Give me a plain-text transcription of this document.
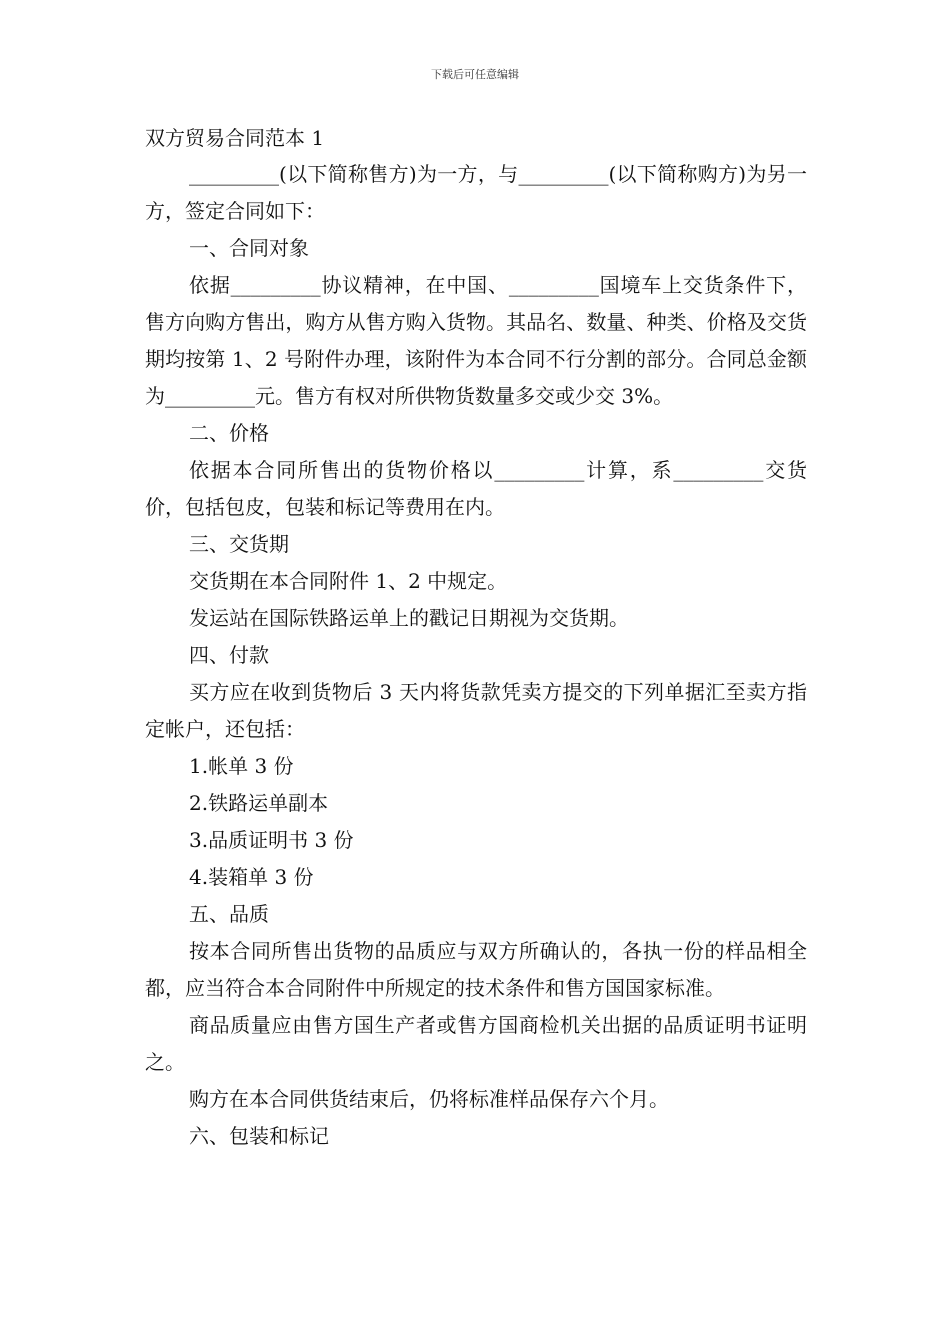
下载后可任意编辑

双方贸易合同范本 1

_________(以下简称售方)为一方，与_________(以下简称购方)为另一方，签定合同如下：

一、合同对象

依据_________协议精神，在中国、_________国境车上交货条件下，售方向购方售出，购方从售方购入货物。其品名、数量、种类、价格及交货期均按第 1、2 号附件办理，该附件为本合同不行分割的部分。合同总金额为_________元。售方有权对所供物货数量多交或少交 3%。

二、价格

依据本合同所售出的货物价格以_________计算，系_________交货价，包括包皮，包装和标记等费用在内。

三、交货期

交货期在本合同附件 1、2 中规定。

发运站在国际铁路运单上的戳记日期视为交货期。

四、付款

买方应在收到货物后 3 天内将货款凭卖方提交的下列单据汇至卖方指定帐户，还包括：

1.帐单 3 份

2.铁路运单副本

3.品质证明书 3 份

4.装箱单 3 份

五、品质

按本合同所售出货物的品质应与双方所确认的，各执一份的样品相全都，应当符合本合同附件中所规定的技术条件和售方国国家标准。

商品质量应由售方国生产者或售方国商检机关出据的品质证明书证明之。

购方在本合同供货结束后，仍将标准样品保存六个月。

六、包装和标记
